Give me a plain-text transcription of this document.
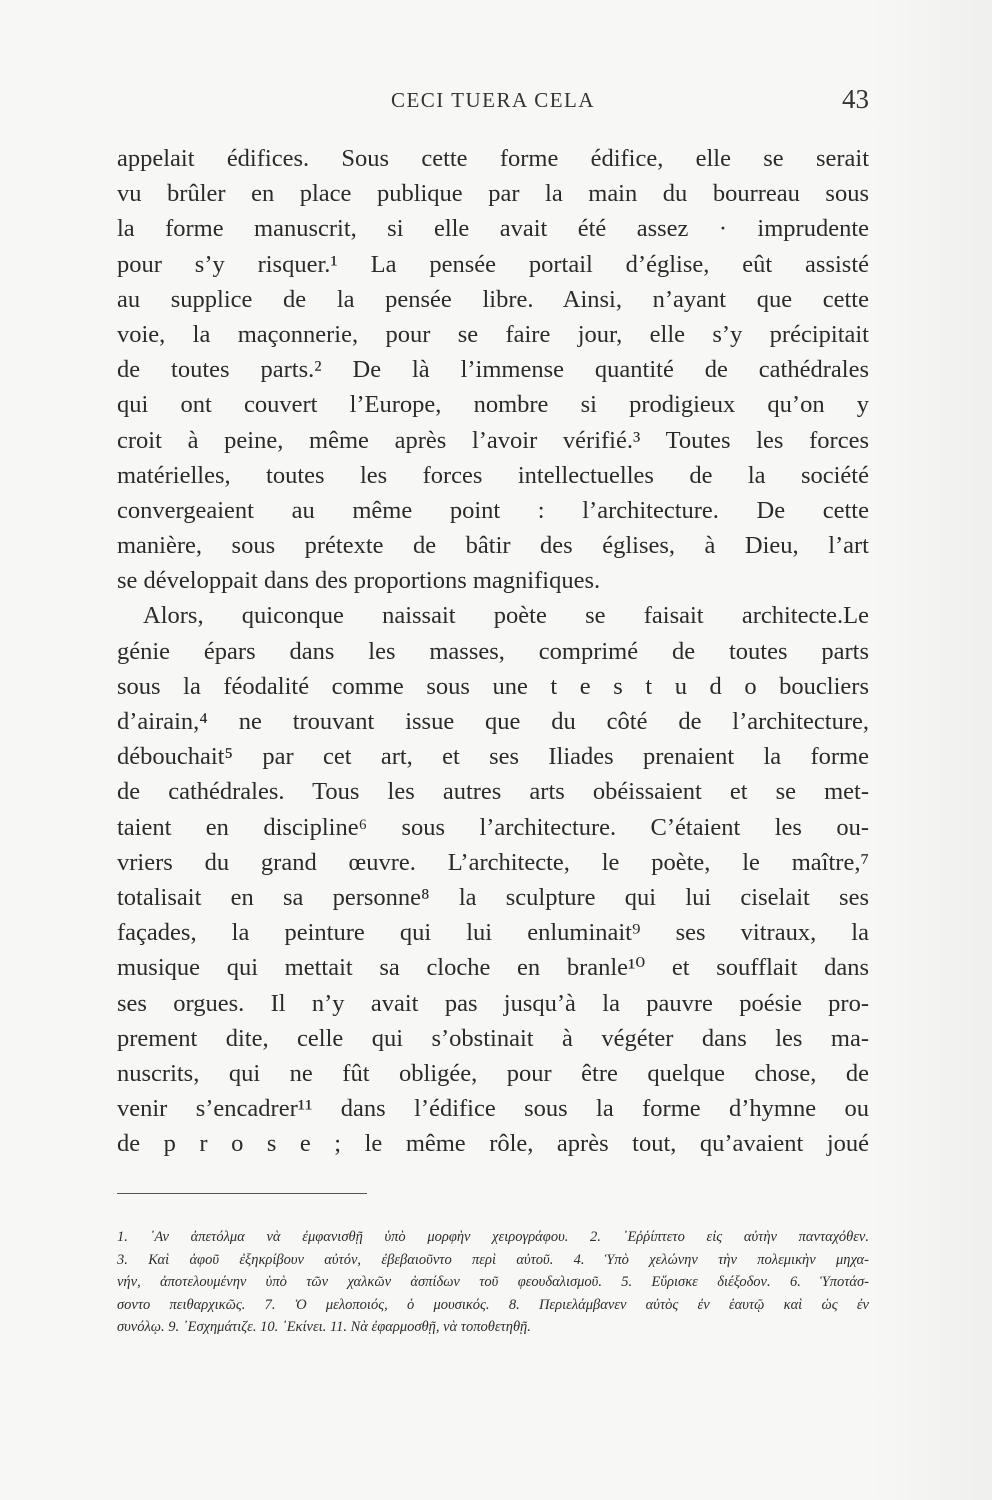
CECI TUERA CELA	43
appelait édifices. Sous cette forme édifice, elle se serait
vu brûler en place publique par la main du bourreau sous
la forme manuscrit, si elle avait été assez · imprudente
pour s’y risquer.¹ La pensée portail d’église, eût assisté
au supplice de la pensée libre. Ainsi, n’ayant que cette
voie, la maçonnerie, pour se faire jour, elle s’y précipitait
de toutes parts.² De là l’immense quantité de cathédrales
qui ont couvert l’Europe, nombre si prodigieux qu’on y
croit à peine, même après l’avoir vérifié.³ Toutes les forces
matérielles, toutes les forces intellectuelles de la société
convergeaient au même point : l’architecture. De cette
manière, sous prétexte de bâtir des églises, à Dieu, l’art
se développait dans des proportions magnifiques.
Alors, quiconque naissait poète se faisait architecte.Le
génie épars dans les masses, comprimé de toutes parts
sous la féodalité comme sous une t e s t u d o boucliers
d’airain,⁴ ne trouvant issue que du côté de l’architecture,
débouchait⁵ par cet art, et ses Iliades prenaient la forme
de cathédrales. Tous les autres arts obéissaient et se met-
taient en discipline⁶ sous l’architecture. C’étaient les ou-
vriers du grand œuvre. L’architecte, le poète, le maître,⁷
totalisait en sa personne⁸ la sculpture qui lui ciselait ses
façades, la peinture qui lui enluminait⁹ ses vitraux, la
musique qui mettait sa cloche en branle¹⁰ et soufflait dans
ses orgues. Il n’y avait pas jusqu’à la pauvre poésie pro-
prement dite, celle qui s’obstinait à végéter dans les ma-
nuscrits, qui ne fût obligée, pour être quelque chose, de
venir s’encadrer¹¹ dans l’édifice sous la forme d’hymne ou
de p r o s e ; le même rôle, après tout, qu’avaient joué
1. ᾿Αν ἀπετόλμα νὰ ἐμφανισθῇ ὑπὸ μορφὴν χειρογράφου. 2. ᾿Εῤῥίπτετο εἰς αὐτὴν πανταχόθεν.
3. Καὶ ἀφοῦ ἐξηκρίβουν αὐτόν, ἐβεβαιοῦντο περὶ αὐτοῦ. 4. Ὑπὸ χελώνην τὴν πολεμικὴν μηχα-
νήν, ἀποτελουμένην ὑπὸ τῶν χαλκῶν ἀσπίδων τοῦ φεουδαλισμοῦ. 5. Εὕρισκε διέξοδον. 6. Ὑποτάσ-
σοντο πειθαρχικῶς. 7. Ὁ μελοποιός, ὁ μουσικός. 8. Περιελάμβανεν αὐτὸς ἐν ἑαυτῷ καὶ ὡς ἐν
συνόλῳ. 9. ᾿Εσχημάτιζε. 10. ᾿Εκίνει. 11. Νὰ ἐφαρμοσθῇ, νὰ τοποθετηθῇ.
